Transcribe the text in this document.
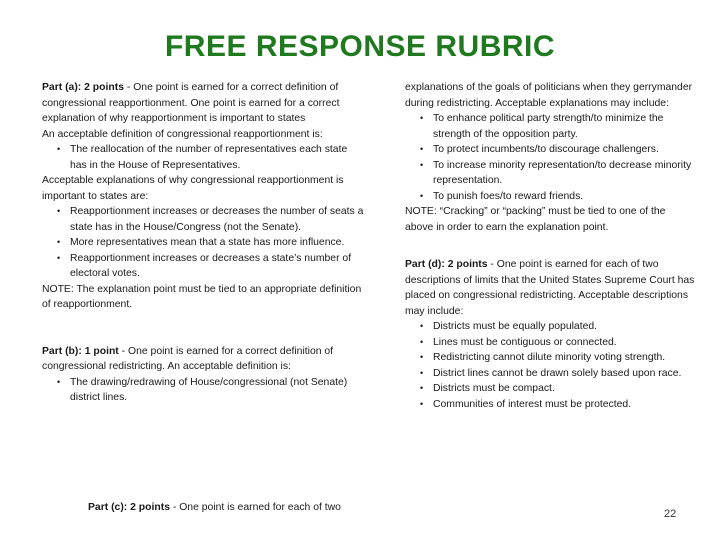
FREE RESPONSE RUBRIC

Part (a): 2 points - One point is earned for a correct definition of congressional reapportionment. One point is earned for a correct explanation of why reapportionment is important to states

An acceptable definition of congressional reapportionment is:

• The reallocation of the number of representatives each state has in the House of Representatives.

Acceptable explanations of why congressional reapportionment is important to states are:

• Reapportionment increases or decreases the number of seats a state has in the House/Congress (not the Senate).
• More representatives mean that a state has more influence.
• Reapportionment increases or decreases a state’s number of electoral votes.

NOTE: The explanation point must be tied to an appropriate definition of reapportionment.

Part (b): 1 point - One point is earned for a correct definition of congressional redistricting. An acceptable definition is:

• The drawing/redrawing of House/congressional (not Senate) district lines.
Part (c): 2 points - One point is earned for each of two

explanations of the goals of politicians when they gerrymander during redistricting. Acceptable explanations may include:

• To enhance political party strength/to minimize the strength of the opposition party.
• To protect incumbents/to discourage challengers.
• To increase minority representation/to decrease minority representation.
• To punish foes/to reward friends.

NOTE: “Cracking” or “packing” must be tied to one of the above in order to earn the explanation point.

Part (d): 2 points - One point is earned for each of two descriptions of limits that the United States Supreme Court has placed on congressional redistricting. Acceptable descriptions may include:

• Districts must be equally populated.
• Lines must be contiguous or connected.
• Redistricting cannot dilute minority voting strength.
• District lines cannot be drawn solely based upon race.
• Districts must be compact.
• Communities of interest must be protected.
22
